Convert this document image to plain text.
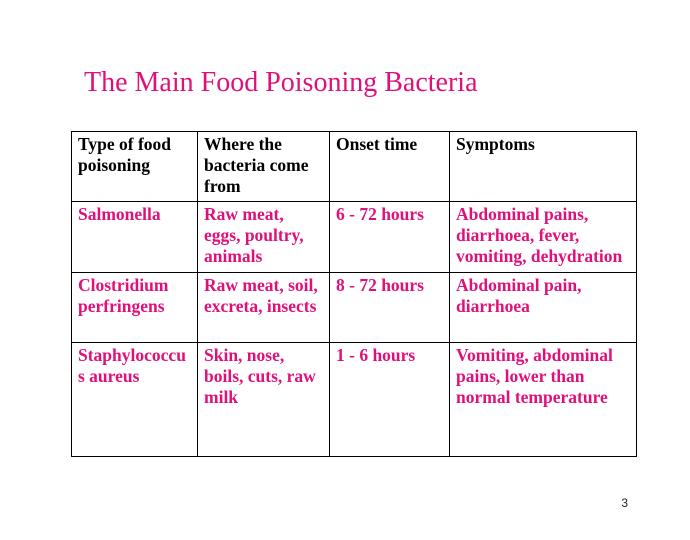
The Main Food Poisoning Bacteria
Type of food poisoning	Where the bacteria come from	Onset time	Symptoms
Salmonella	Raw meat, eggs, poultry, animals	6 - 72 hours	Abdominal pains, diarrhoea, fever, vomiting, dehydration
Clostridium perfringens	Raw meat, soil, excreta, insects	8 - 72 hours	Abdominal pain, diarrhoea
Staphylococcu s aureus	Skin, nose, boils, cuts, raw milk	1 - 6 hours	Vomiting, abdominal pains, lower than normal temperature
3
